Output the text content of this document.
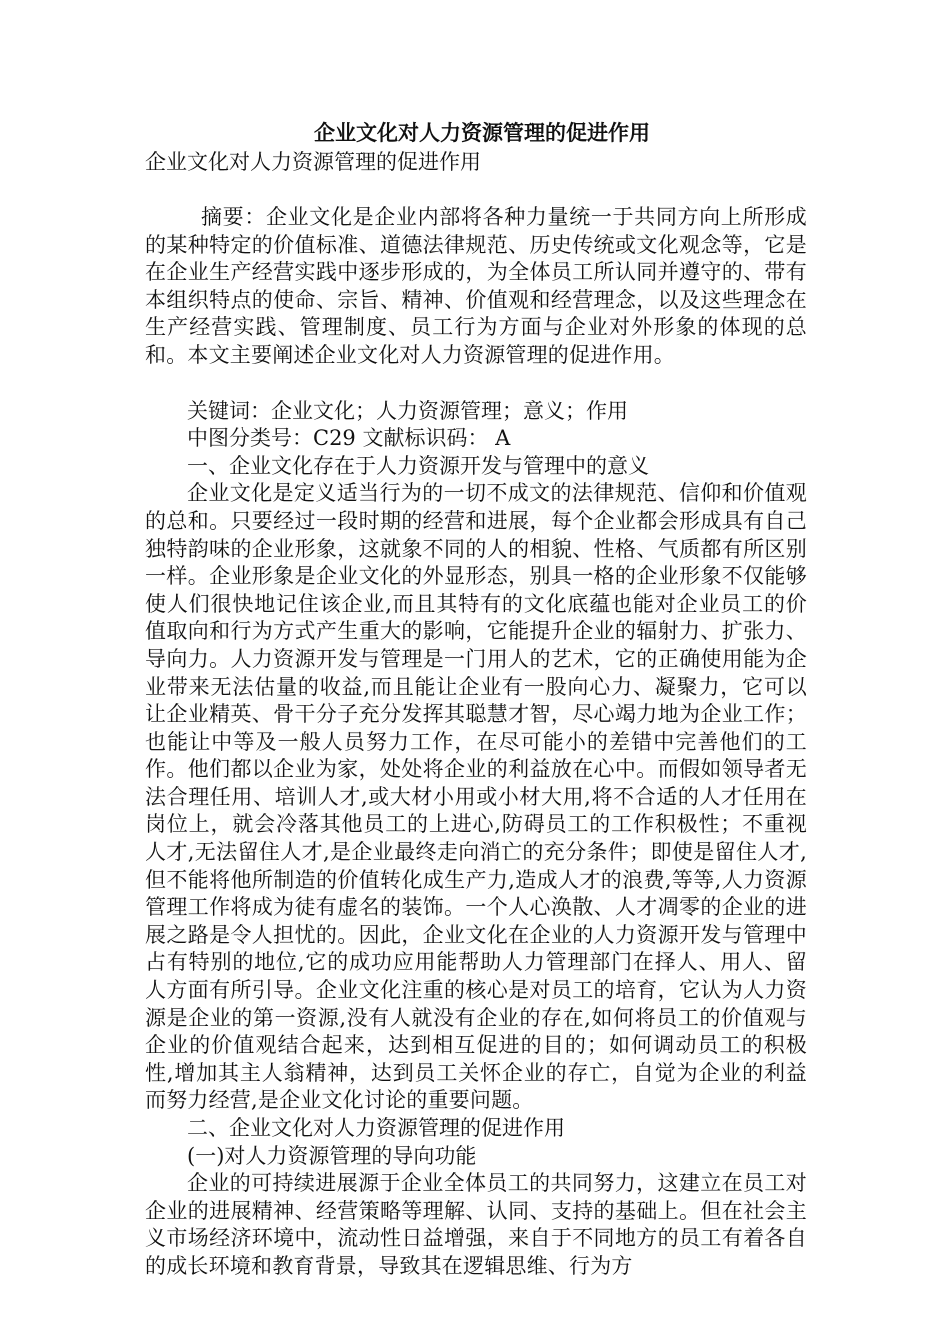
企业文化对人力资源管理的促进作用

企业文化对人力资源管理的促进作用

摘要：企业文化是企业内部将各种力量统一于共同方向上所形成的某种特定的价值标准、道德法律规范、历史传统或文化观念等，它是在企业生产经营实践中逐步形成的，为全体员工所认同并遵守的、带有本组织特点的使命、宗旨、精神、价值观和经营理念，以及这些理念在生产经营实践、管理制度、员工行为方面与企业对外形象的体现的总和。本文主要阐述企业文化对人力资源管理的促进作用。

关键词：企业文化；人力资源管理；意义；作用

中图分类号：C29 文献标识码： A

一、企业文化存在于人力资源开发与管理中的意义

企业文化是定义适当行为的一切不成文的法律规范、信仰和价值观的总和。只要经过一段时期的经营和进展，每个企业都会形成具有自己独特韵味的企业形象，这就象不同的人的相貌、性格、气质都有所区别一样。企业形象是企业文化的外显形态，别具一格的企业形象不仅能够使人们很快地记住该企业,而且其特有的文化底蕴也能对企业员工的价值取向和行为方式产生重大的影响，它能提升企业的辐射力、扩张力、导向力。人力资源开发与管理是一门用人的艺术，它的正确使用能为企业带来无法估量的收益,而且能让企业有一股向心力、凝聚力，它可以让企业精英、骨干分子充分发挥其聪慧才智，尽心竭力地为企业工作；也能让中等及一般人员努力工作，在尽可能小的差错中完善他们的工作。他们都以企业为家，处处将企业的利益放在心中。而假如领导者无法合理任用、培训人才,或大材小用或小材大用,将不合适的人才任用在岗位上，就会冷落其他员工的上进心,防碍员工的工作积极性；不重视人才,无法留住人才,是企业最终走向消亡的充分条件；即使是留住人才,但不能将他所制造的价值转化成生产力,造成人才的浪费,等等,人力资源管理工作将成为徒有虚名的装饰。一个人心涣散、人才凋零的企业的进展之路是令人担忧的。因此，企业文化在企业的人力资源开发与管理中占有特别的地位,它的成功应用能帮助人力管理部门在择人、用人、留人方面有所引导。企业文化注重的核心是对员工的培育，它认为人力资源是企业的第一资源,没有人就没有企业的存在,如何将员工的价值观与企业的价值观结合起来，达到相互促进的目的；如何调动员工的积极性,增加其主人翁精神，达到员工关怀企业的存亡，自觉为企业的利益而努力经营,是企业文化讨论的重要问题。

二、企业文化对人力资源管理的促进作用

(一)对人力资源管理的导向功能

企业的可持续进展源于企业全体员工的共同努力，这建立在员工对企业的进展精神、经营策略等理解、认同、支持的基础上。但在社会主义市场经济环境中，流动性日益增强，来自于不同地方的员工有着各自的成长环境和教育背景，导致其在逻辑思维、行为方
